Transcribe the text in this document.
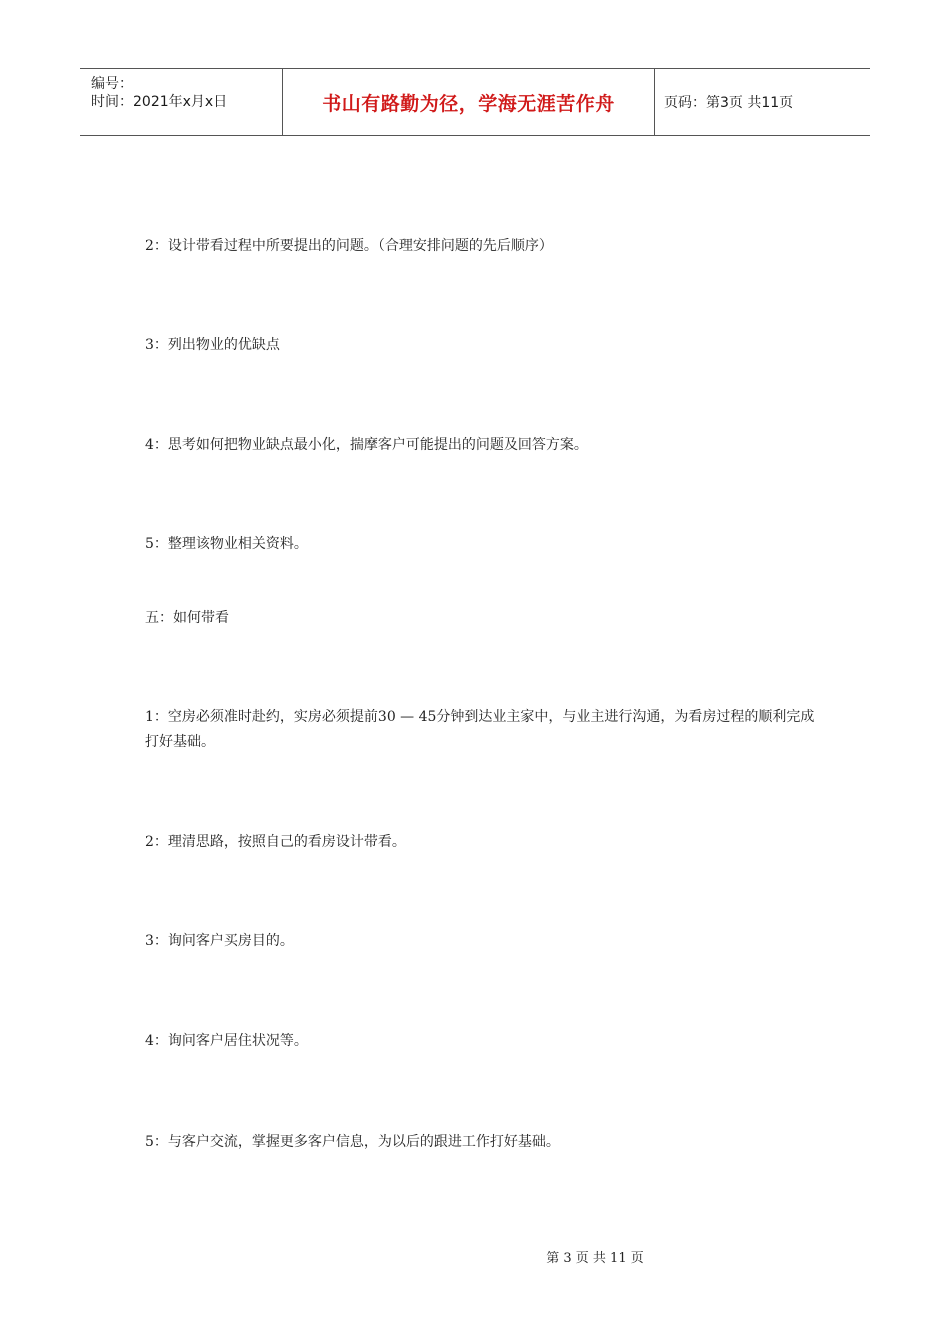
编号：
时间：2021年x月x日	书山有路勤为径，学海无涯苦作舟	页码：第3页 共11页
2：设计带看过程中所要提出的问题。（合理安排问题的先后顺序）
3：列出物业的优缺点
4：思考如何把物业缺点最小化，揣摩客户可能提出的问题及回答方案。
5：整理该物业相关资料。
五：如何带看
1：空房必须准时赴约，实房必须提前30 — 45分钟到达业主家中，与业主进行沟通，为看房过程的顺利完成打好基础。
2：理清思路，按照自己的看房设计带看。
3：询问客户买房目的。
4：询问客户居住状况等。
5：与客户交流，掌握更多客户信息，为以后的跟进工作打好基础。
第 3 页 共 11 页
